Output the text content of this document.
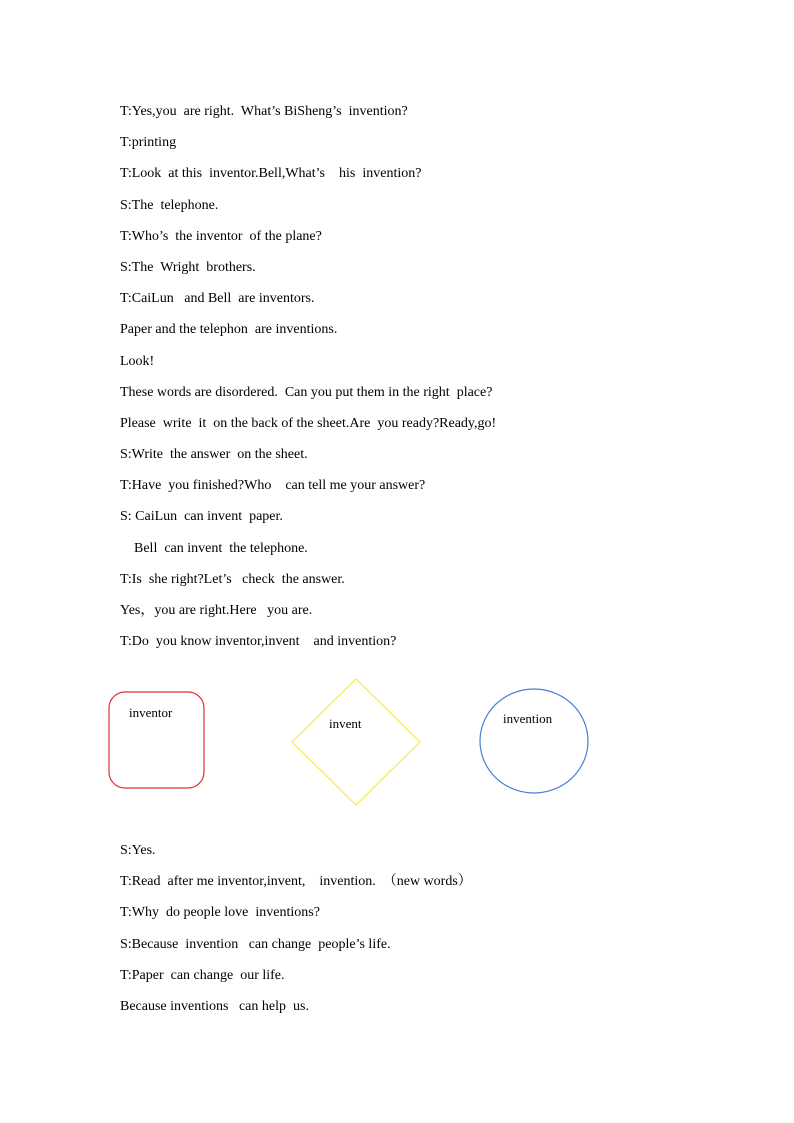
T:Yes,you  are right.  What’s BiSheng’s  invention?
T:printing
T:Look  at this  inventor.Bell,What’s    his  invention?
S:The  telephone.
T:Who’s  the inventor  of the plane?
S:The  Wright  brothers.
T:CaiLun   and Bell  are inventors.
Paper and the telephon  are inventions.
Look!
These words are disordered.  Can you put them in the right  place?
Please  write  it  on the back of the sheet.Are  you ready?Ready,go!
S:Write  the answer  on the sheet.
T:Have  you finished?Who    can tell me your answer?
S: CaiLun  can invent  paper.
Bell  can invent  the telephone.
T:Is  she right?Let’s   check  the answer.
Yes，you are right.Here   you are.
T:Do  you know inventor,invent    and invention?
inventor
invent	invention
S:Yes.
T:Read  after me inventor,invent,    invention.  （new words）
T:Why  do people love  inventions?
S:Because  invention   can change  people’s life.
T:Paper  can change  our life.
Because inventions   can help  us.
